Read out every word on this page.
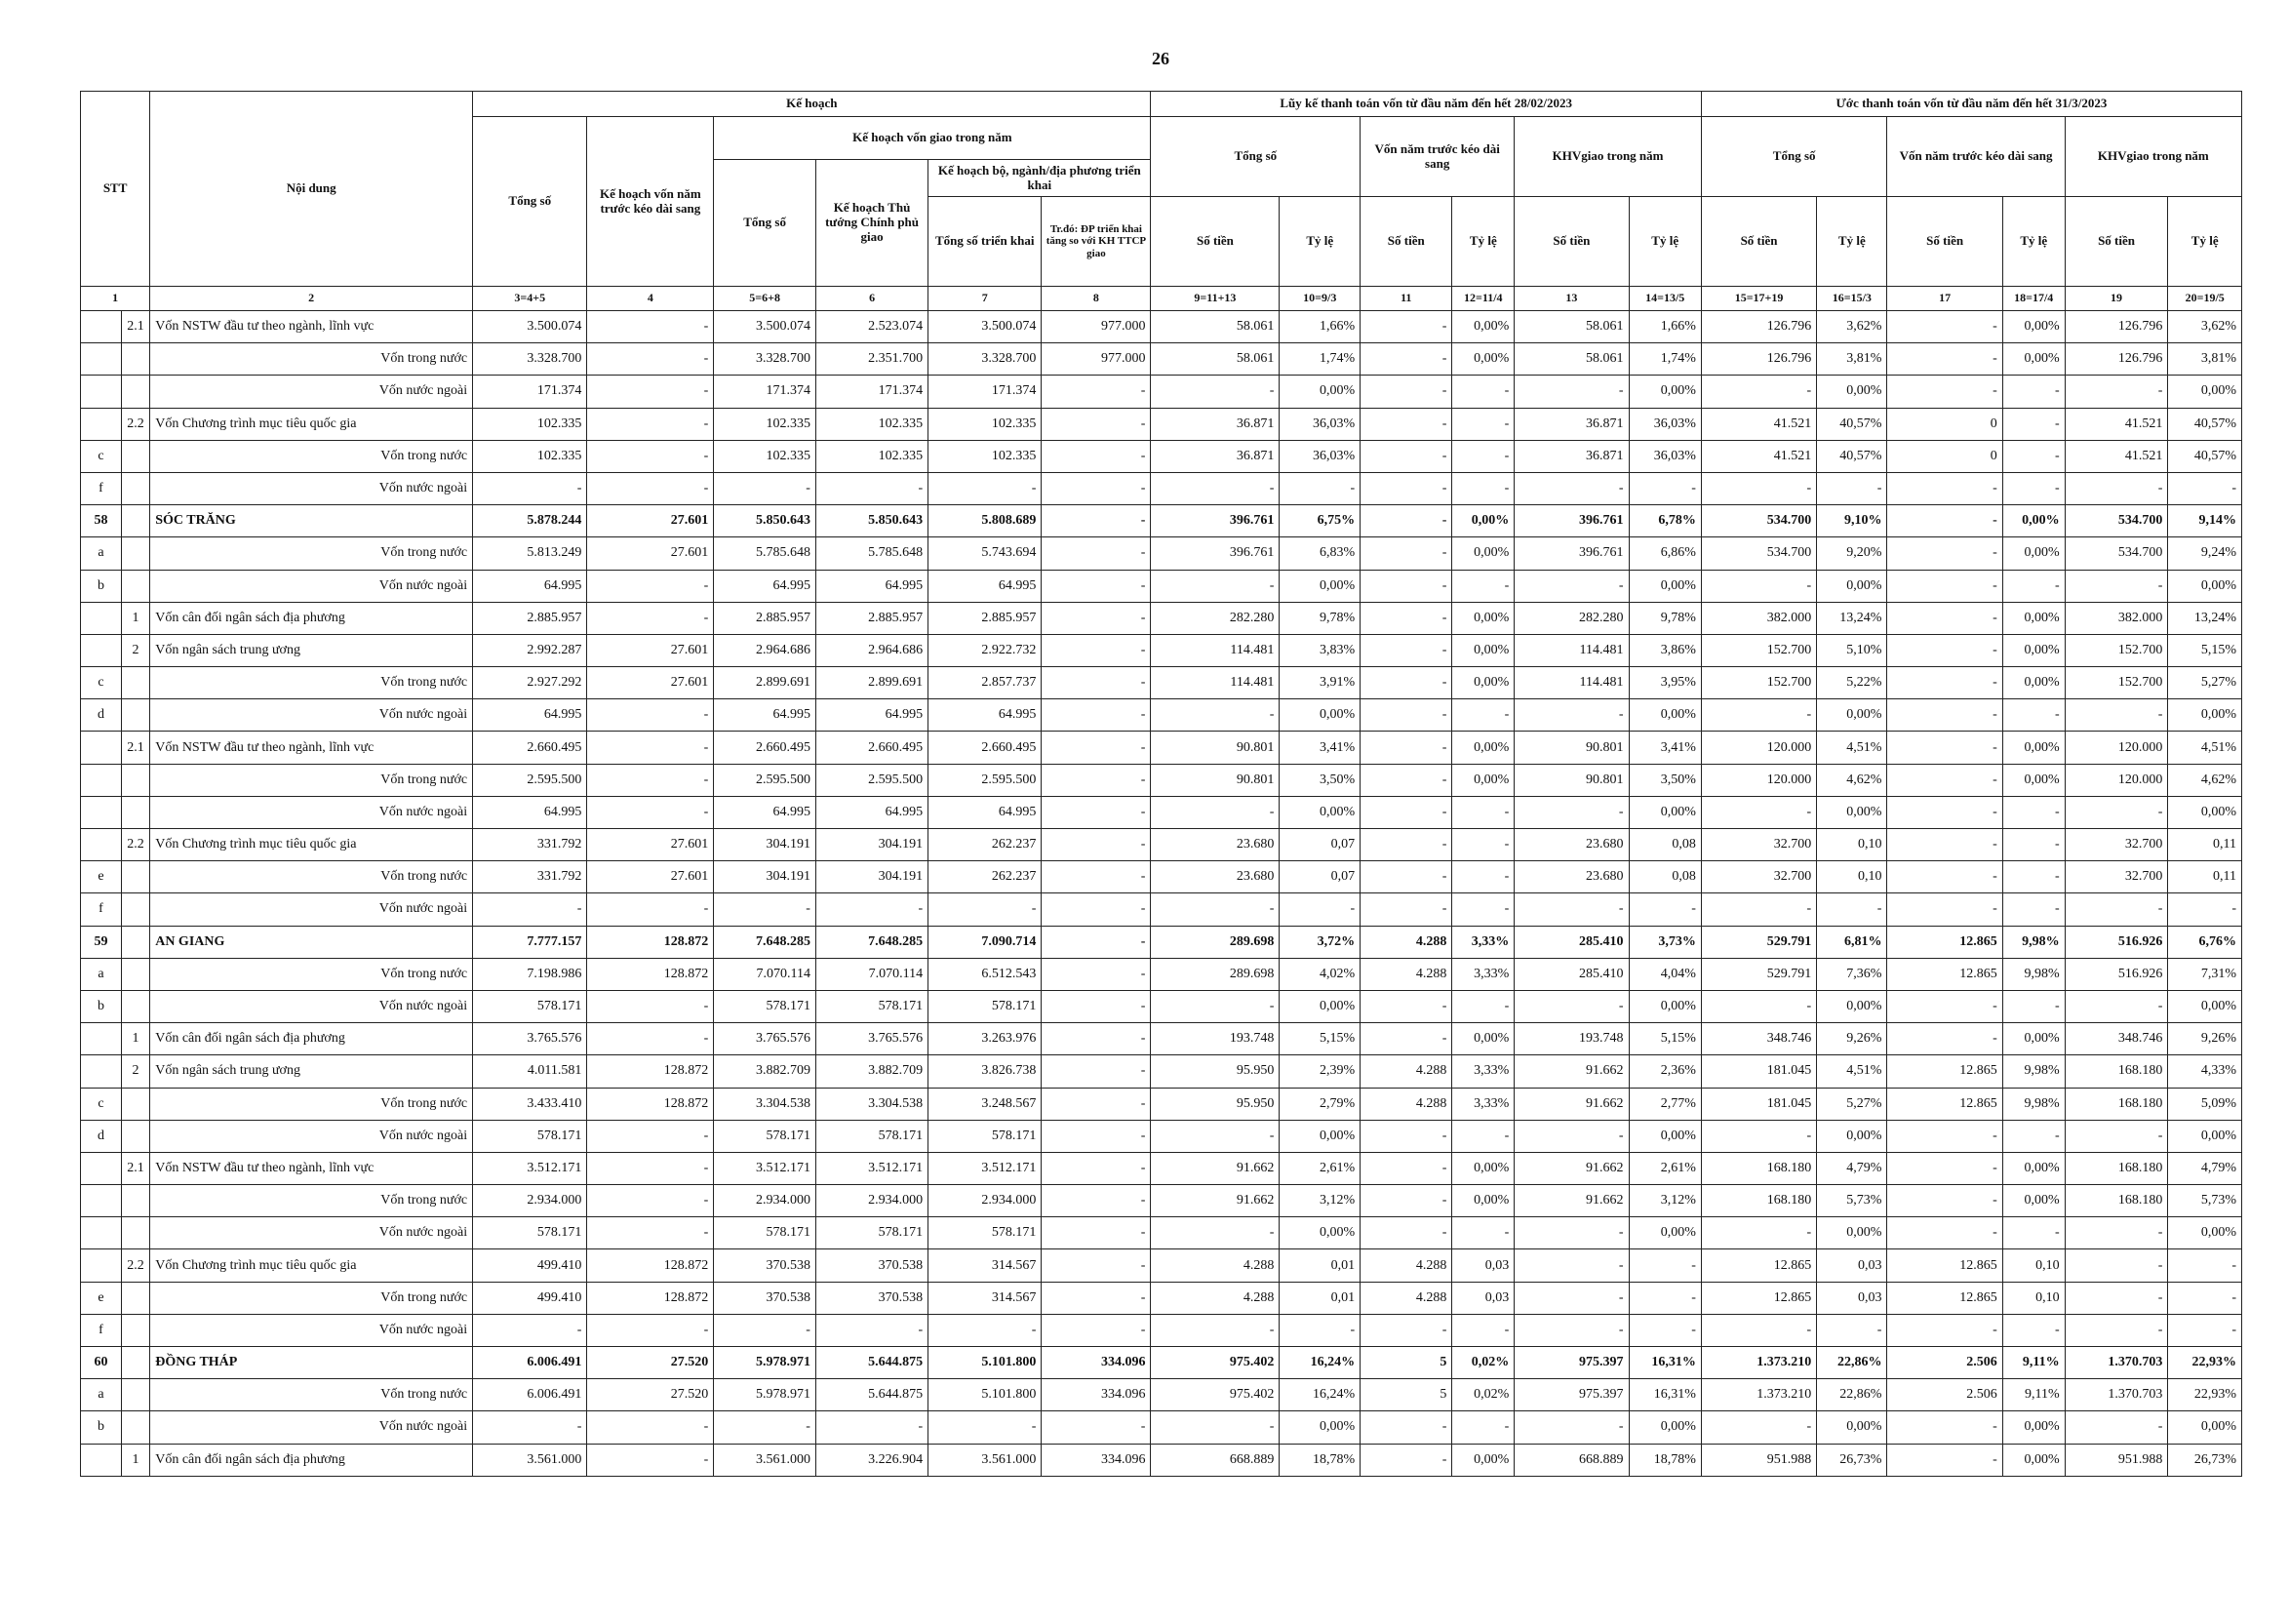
26
STT		Nội dung	Kế hoạch						Lũy kế thanh toán vốn từ đầu năm đến hết 28/02/2023						Ước thanh toán vốn từ đầu năm đến hết 31/3/2023					
			Tổng số	Kế hoạch vốn năm trước kéo dài sang	Kế hoạch vốn giao trong năm				Tổng số		Vốn năm trước kéo dài sang		KHVgiao trong năm		Tổng số		Vốn năm trước kéo dài sang		KHVgiao trong năm	
					Tổng số	Kế hoạch Thủ tướng Chính phủ giao	Kế hoạch bộ, ngành/địa phương triển khai													
							Tổng số triển khai	Tr.đó: ĐP triển khai tăng so với KH TTCP giao	Số tiền	Tỷ lệ	Số tiền	Tỷ lệ	Số tiền	Tỷ lệ	Số tiền	Tỷ lệ	Số tiền	Tỷ lệ	Số tiền	Tỷ lệ
1		2	3=4+5	4	5=6+8	6	7	8	9=11+13	10=9/3	11	12=11/4	13	14=13/5	15=17+19	16=15/3	17	18=17/4	19	20=19/5
	2.1	Vốn NSTW đầu tư theo ngành, lĩnh vực	3.500.074	-	3.500.074	2.523.074	3.500.074	977.000	58.061	1,66%	-	0,00%	58.061	1,66%	126.796	3,62%	-	0,00%	126.796	3,62%
		Vốn trong nước	3.328.700	-	3.328.700	2.351.700	3.328.700	977.000	58.061	1,74%	-	0,00%	58.061	1,74%	126.796	3,81%	-	0,00%	126.796	3,81%
		Vốn nước ngoài	171.374	-	171.374	171.374	171.374	-	-	0,00%	-	-	-	0,00%	-	0,00%	-	-	-	0,00%
	2.2	Vốn Chương trình mục tiêu quốc gia	102.335	-	102.335	102.335	102.335	-	36.871	36,03%	-	-	36.871	36,03%	41.521	40,57%	0	-	41.521	40,57%
c		Vốn trong nước	102.335	-	102.335	102.335	102.335	-	36.871	36,03%	-	-	36.871	36,03%	41.521	40,57%	0	-	41.521	40,57%
f		Vốn nước ngoài	-	-	-	-	-	-	-	-	-	-	-	-	-	-	-	-	-	-
58		SÓC TRĂNG	5.878.244	27.601	5.850.643	5.850.643	5.808.689	-	396.761	6,75%	-	0,00%	396.761	6,78%	534.700	9,10%	-	0,00%	534.700	9,14%
a		Vốn trong nước	5.813.249	27.601	5.785.648	5.785.648	5.743.694	-	396.761	6,83%	-	0,00%	396.761	6,86%	534.700	9,20%	-	0,00%	534.700	9,24%
b		Vốn nước ngoài	64.995	-	64.995	64.995	64.995	-	-	0,00%	-	-	-	0,00%	-	0,00%	-	-	-	0,00%
	1	Vốn cân đối ngân sách địa phương	2.885.957	-	2.885.957	2.885.957	2.885.957	-	282.280	9,78%	-	0,00%	282.280	9,78%	382.000	13,24%	-	0,00%	382.000	13,24%
	2	Vốn ngân sách trung ương	2.992.287	27.601	2.964.686	2.964.686	2.922.732	-	114.481	3,83%	-	0,00%	114.481	3,86%	152.700	5,10%	-	0,00%	152.700	5,15%
c		Vốn trong nước	2.927.292	27.601	2.899.691	2.899.691	2.857.737	-	114.481	3,91%	-	0,00%	114.481	3,95%	152.700	5,22%	-	0,00%	152.700	5,27%
d		Vốn nước ngoài	64.995	-	64.995	64.995	64.995	-	-	0,00%	-	-	-	0,00%	-	0,00%	-	-	-	0,00%
	2.1	Vốn NSTW đầu tư theo ngành, lĩnh vực	2.660.495	-	2.660.495	2.660.495	2.660.495	-	90.801	3,41%	-	0,00%	90.801	3,41%	120.000	4,51%	-	0,00%	120.000	4,51%
		Vốn trong nước	2.595.500	-	2.595.500	2.595.500	2.595.500	-	90.801	3,50%	-	0,00%	90.801	3,50%	120.000	4,62%	-	0,00%	120.000	4,62%
		Vốn nước ngoài	64.995	-	64.995	64.995	64.995	-	-	0,00%	-	-	-	0,00%	-	0,00%	-	-	-	0,00%
	2.2	Vốn Chương trình mục tiêu quốc gia	331.792	27.601	304.191	304.191	262.237	-	23.680	0,07	-	-	23.680	0,08	32.700	0,10	-	-	32.700	0,11
e		Vốn trong nước	331.792	27.601	304.191	304.191	262.237	-	23.680	0,07	-	-	23.680	0,08	32.700	0,10	-	-	32.700	0,11
f		Vốn nước ngoài	-	-	-	-	-	-	-	-	-	-	-	-	-	-	-	-	-	-
59		AN GIANG	7.777.157	128.872	7.648.285	7.648.285	7.090.714	-	289.698	3,72%	4.288	3,33%	285.410	3,73%	529.791	6,81%	12.865	9,98%	516.926	6,76%
a		Vốn trong nước	7.198.986	128.872	7.070.114	7.070.114	6.512.543	-	289.698	4,02%	4.288	3,33%	285.410	4,04%	529.791	7,36%	12.865	9,98%	516.926	7,31%
b		Vốn nước ngoài	578.171	-	578.171	578.171	578.171	-	-	0,00%	-	-	-	0,00%	-	0,00%	-	-	-	0,00%
	1	Vốn cân đối ngân sách địa phương	3.765.576	-	3.765.576	3.765.576	3.263.976	-	193.748	5,15%	-	0,00%	193.748	5,15%	348.746	9,26%	-	0,00%	348.746	9,26%
	2	Vốn ngân sách trung ương	4.011.581	128.872	3.882.709	3.882.709	3.826.738	-	95.950	2,39%	4.288	3,33%	91.662	2,36%	181.045	4,51%	12.865	9,98%	168.180	4,33%
c		Vốn trong nước	3.433.410	128.872	3.304.538	3.304.538	3.248.567	-	95.950	2,79%	4.288	3,33%	91.662	2,77%	181.045	5,27%	12.865	9,98%	168.180	5,09%
d		Vốn nước ngoài	578.171	-	578.171	578.171	578.171	-	-	0,00%	-	-	-	0,00%	-	0,00%	-	-	-	0,00%
	2.1	Vốn NSTW đầu tư theo ngành, lĩnh vực	3.512.171	-	3.512.171	3.512.171	3.512.171	-	91.662	2,61%	-	0,00%	91.662	2,61%	168.180	4,79%	-	0,00%	168.180	4,79%
		Vốn trong nước	2.934.000	-	2.934.000	2.934.000	2.934.000	-	91.662	3,12%	-	0,00%	91.662	3,12%	168.180	5,73%	-	0,00%	168.180	5,73%
		Vốn nước ngoài	578.171	-	578.171	578.171	578.171	-	-	0,00%	-	-	-	0,00%	-	0,00%	-	-	-	0,00%
	2.2	Vốn Chương trình mục tiêu quốc gia	499.410	128.872	370.538	370.538	314.567	-	4.288	0,01	4.288	0,03	-	-	12.865	0,03	12.865	0,10	-	-
e		Vốn trong nước	499.410	128.872	370.538	370.538	314.567	-	4.288	0,01	4.288	0,03	-	-	12.865	0,03	12.865	0,10	-	-
f		Vốn nước ngoài	-	-	-	-	-	-	-	-	-	-	-	-	-	-	-	-	-	-
60		ĐỒNG THÁP	6.006.491	27.520	5.978.971	5.644.875	5.101.800	334.096	975.402	16,24%	5	0,02%	975.397	16,31%	1.373.210	22,86%	2.506	9,11%	1.370.703	22,93%
a		Vốn trong nước	6.006.491	27.520	5.978.971	5.644.875	5.101.800	334.096	975.402	16,24%	5	0,02%	975.397	16,31%	1.373.210	22,86%	2.506	9,11%	1.370.703	22,93%
b		Vốn nước ngoài	-	-	-	-	-	-	-	0,00%	-	-	-	0,00%	-	0,00%	-	0,00%	-	0,00%
	1	Vốn cân đối ngân sách địa phương	3.561.000	-	3.561.000	3.226.904	3.561.000	334.096	668.889	18,78%	-	0,00%	668.889	18,78%	951.988	26,73%	-	0,00%	951.988	26,73%
